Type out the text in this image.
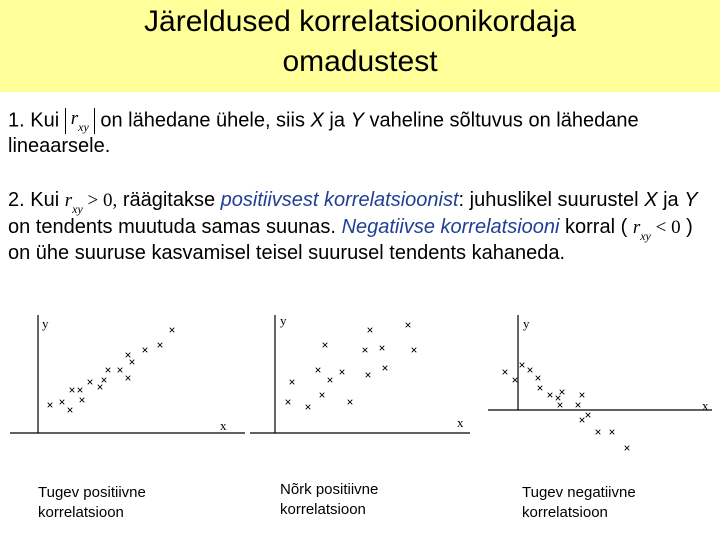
Järeldused korrelatsioonikordaja
omadustest
1. Kui $r_{xy}$ on lähedane ühele, siis X ja Y vaheline sõltuvus on lähedane lineaarsele.
2. Kui $r_{xy} > 0$, räägitakse positiivsest korrelatsioonist: juhuslikel suurustel X ja Y on tendents muutuda samas suunas. Negatiivse korrelatsiooni korral ( $r_{xy} < 0$ ) on ühe suuruse kasvamisel teisel suurusel tendents kahaneda.
y
x
y
x
y
x
Tugev positiivne korrelatsioon
Nõrk positiivne korrelatsioon
Tugev negatiivne korrelatsioon
